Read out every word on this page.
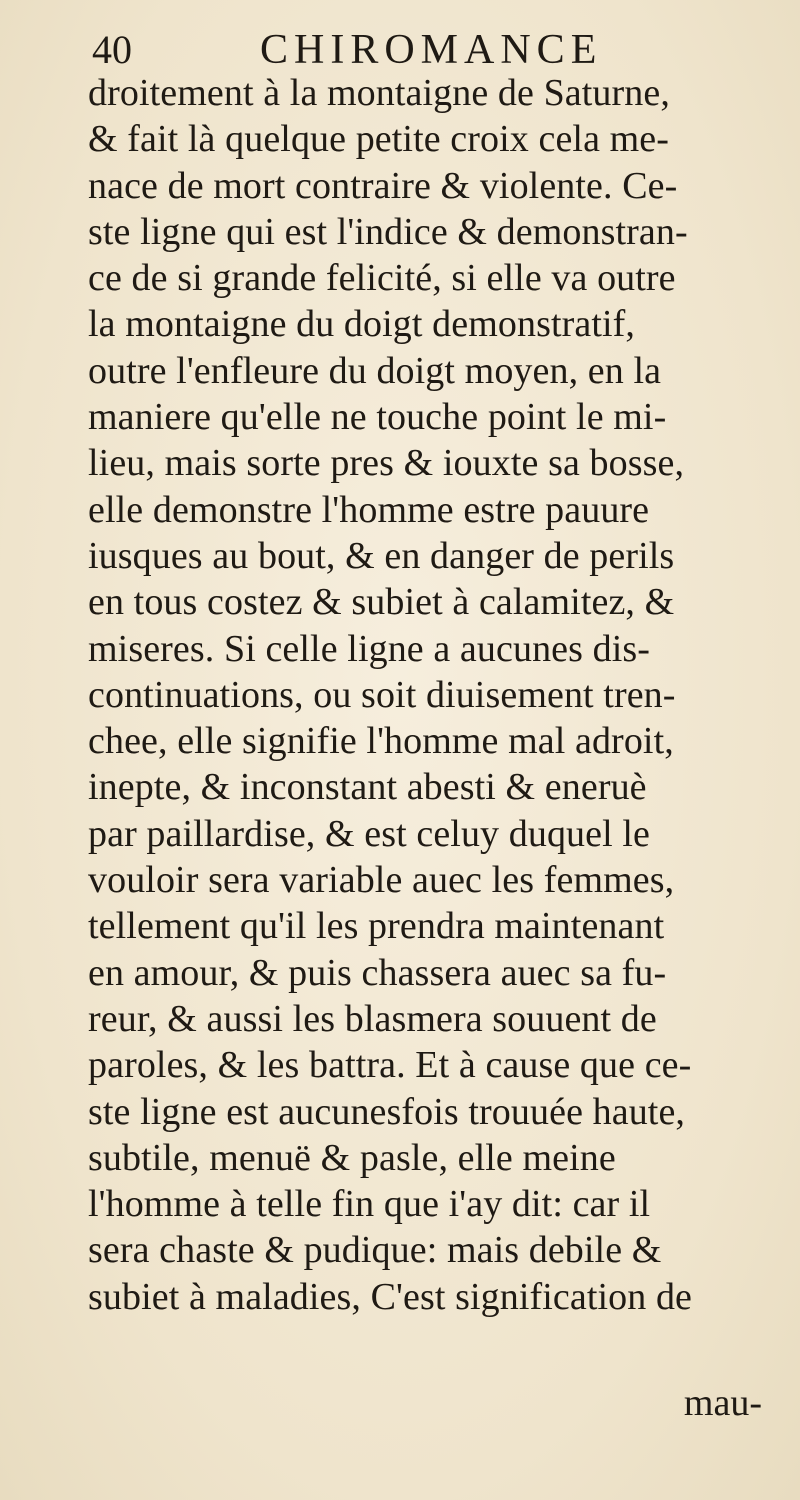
40	CHIROMANCE
droitement à la montaigne de Saturne,
& fait là quelque petite croix cela me-
nace de mort contraire & violente. Ce-
ste ligne qui est l'indice & demonstran-
ce de si grande felicité, si elle va outre
la montaigne du doigt demonstratif,
outre l'enfleure du doigt moyen, en la
maniere qu'elle ne touche point le mi-
lieu, mais sorte pres & iouxte sa bosse,
elle demonstre l'homme estre pauure
iusques au bout, & en danger de perils
en tous costez & subiet à calamitez, &
miseres. Si celle ligne a aucunes dis-
continuations, ou soit diuisement tren-
chee, elle signifie l'homme mal adroit,
inepte, & inconstant abesti & eneruè
par paillardise, & est celuy duquel le
vouloir sera variable auec les femmes,
tellement qu'il les prendra maintenant
en amour, & puis chassera auec sa fu-
reur, & aussi les blasmera souuent de
paroles, & les battra. Et à cause que ce-
ste ligne est aucunesfois trouuée haute,
subtile, menuë & pasle, elle meine
l'homme à telle fin que i'ay dit: car il
sera chaste & pudique: mais debile &
subiet à maladies, C'est signification de
mau-
